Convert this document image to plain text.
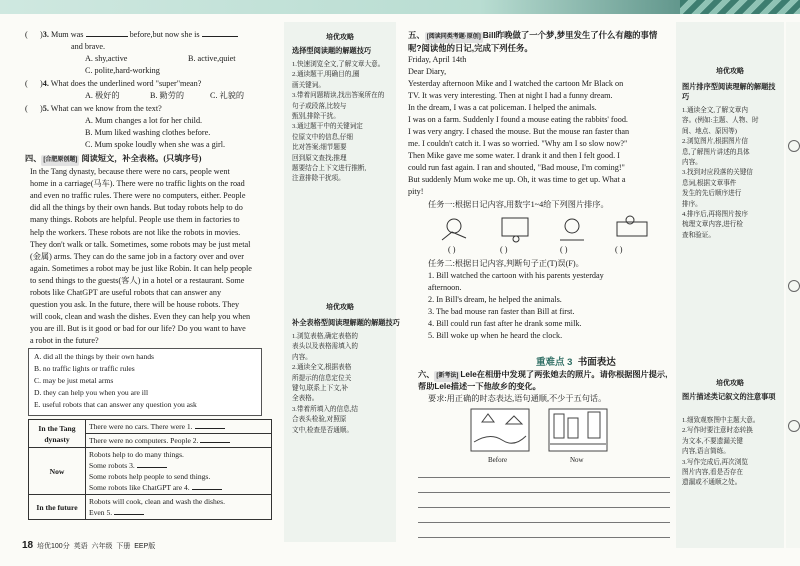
( )3. Mum was	before,but now she is
and brave.
A. shy,active	B. active,quiet
C. polite,hard-working
( )4. What does the underlined word "super"mean?
A. 极好的	B. 勤劳的	C. 礼貌的
( )5. What can we know from the text?
A. Mum changes a lot for her child.
B. Mum liked washing clothes before.
C. Mum spoke loudly when she was a girl.
四、 [合肥原创题] 阅读短文，补全表格。(只填序号)
In the Tang dynasty, because there were no cars, people went
home in a carriage(马车). There were no traffic lights on the road
and even no traffic rules. There were no computers, either. People
did all the things by their own hands. But today robots help to do
many things. Robots are helpful. People use them in factories to
help the workers. These robots are not like the robots in movies.
They don't walk or talk. Sometimes, some robots may be just metal
(金属) arms. They can do the same job in a factory over and over
again. Sometimes a robot may be just like Robin. It can help people
to send things to the guests(客人) in a hotel or a restaurant. Some
robots like ChatGPT are useful robots that can answer any
question you ask. In the future, there will be house robots. They
will cook, clean and wash the dishes. Even they can help you when
you are ill. But is it good or bad for our life? Do you want to have
a robot in the future?
A. did all the things by their own hands
B. no traffic lights or traffic rules
C. may be just metal arms
D. they can help you when you are ill
E. useful robots that can answer any question you ask
In the Tang dynasty	There were no cars. There were 1.
	There were no computers. People 2.
Now	Robots help to do many things.
Some robots 3.
Some robots help people to send things.
Some robots like ChatGPT are 4.

In the future	Robots will cook, clean and wash the dishes.
Even 5.
18 培优100分 英语 六年级 下册 EEP版
培优攻略
选择型阅读题的解题技巧
1.快速浏览全文,了解文章大意。
2.通读题干,明确目的,圈
画关键词。
3.带着问题精读,找出答案所在的
句子或段落,比较与
甄别,排除干扰。
3.通过题干中的关键词定
位原文中的信息,仔细
比对答案;细节题要
回到原文查找;推理
题要结合上下文进行推断,
注意排除干扰项。
培优攻略
补全表格型阅读理解题的解题技巧
1.浏览表格,确定表格的
表头以及表格需填入的
内容。
2.通读全文,根据表格
所提示的信息定位关
键句,联系上下文,补
全表格。
3.带着所填入的信息,结
合表头检验,对照原
文中,检查是否通顺。
五、 [阅读同类考题·原创] Bill昨晚做了一个梦,梦里发生了什么有趣的事情呢?阅读他的日记,完成下列任务。
Friday, April 14th
Dear Diary,
Yesterday afternoon Mike and I watched the cartoon Mr Black on
TV. It was very interesting. Then at night I had a funny dream.
In the dream, I was a cat policeman. I helped the animals.
I was on a farm. Suddenly I found a mouse eating the rabbits' food.
I was very angry. I chased the mouse. But the mouse ran faster than
me. I couldn't catch it. I was so worried. "Why am I so slow now?"
Then Mike gave me some water. I drank it and then I felt good. I
could run fast again. I ran and shouted, "Bad mouse, I'm coming!"
But suddenly Mum woke me up. Oh, it was time to get up. What a
pity!
任务一:根据日记内容,用数字1~4给下列图片排序。
( )	( )	( )	( )
任务二:根据日记内容,判断句子正(T)误(F)。
1. Bill watched the cartoon with his parents yesterday
afternoon.
2. In Bill's dream, he helped the animals.
3. The bad mouse ran faster than Bill at first.
4. Bill could run fast after he drank some milk.
5. Bill woke up when he heard the clock.
重难点 3 书面表达
六、 [新考法] Lele在相册中发现了两张她去的照片。请你根据图片提示,帮助Lele描述一下他故乡的变化。
要求:用正确的时态表达,语句通顺,不少于五句话。
Before	Now
培优攻略
图片排序型阅读理解的解题技巧
1.通读全文,了解文章内
容。(例如:主题、人物、时
间、地点、原因等)
2.浏览图片,根据图片信
息,了解图片讲述的具体
内容。
3.找到对应段落的关键信
息词,根据文章事件
发生的先后顺序进行
排序。
4.排序后,再将图片按序
梳理文章内容,进行检
查和验证。
培优攻略
图片描述类记叙文的注意事项
1.细致观察图中主题大意。
2.写作时要注意时态转换
为文本,不要遗漏关键
内容,语言简练。
3.写作完成后,再次浏览
图片内容,看是否存在
遗漏或不通顺之处。
